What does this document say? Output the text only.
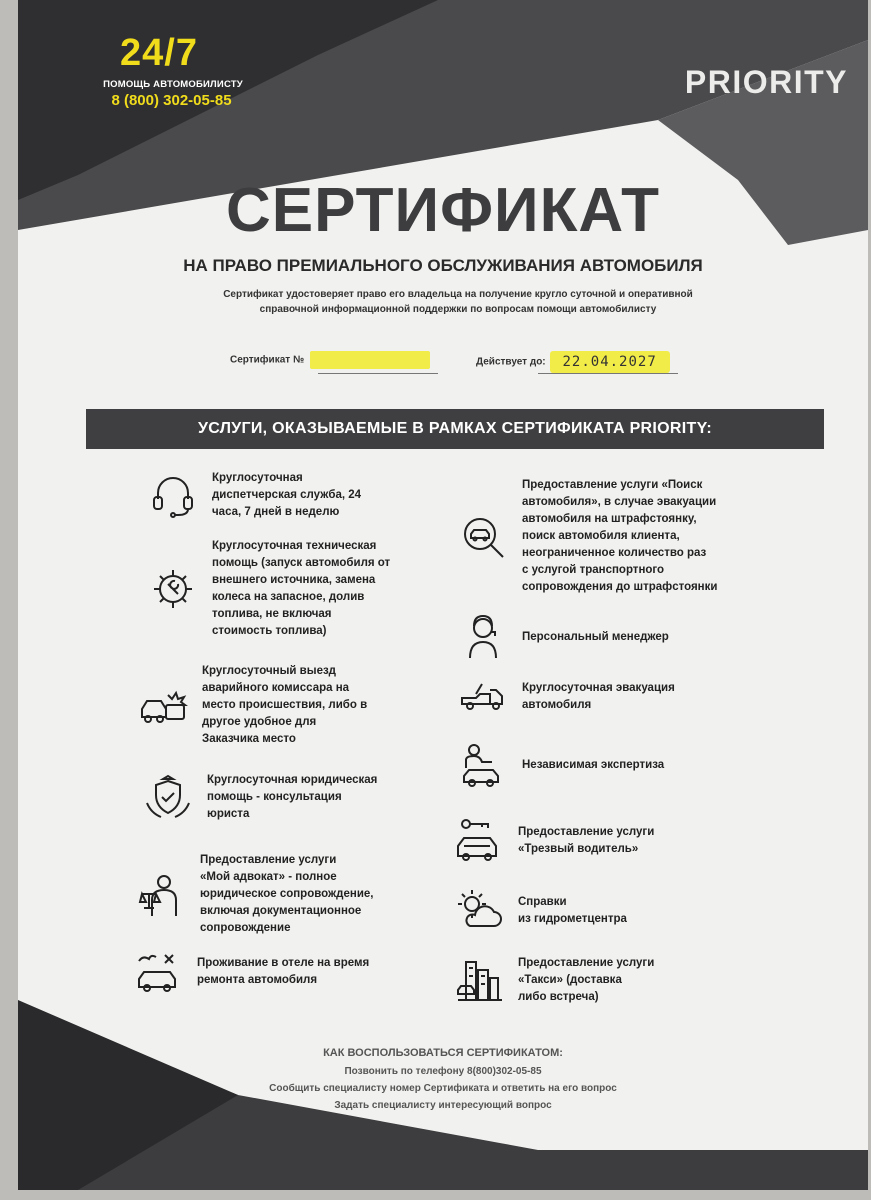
24/7
ПОМОЩЬ АВТОМОБИЛИСТУ
8 (800) 302-05-85
PRIORITY
СЕРТИФИКАТ
НА ПРАВО ПРЕМИАЛЬНОГО ОБСЛУЖИВАНИЯ АВТОМОБИЛЯ
Сертификат удостоверяет право его владельца на получение кругло суточной и оперативной
справочной информационной поддержки по вопросам помощи автомобилисту
Сертификат №	Действует до: 22.04.2027
УСЛУГИ, ОКАЗЫВАЕМЫЕ В РАМКАХ СЕРТИФИКАТА PRIORITY:
Круглосуточная
диспетчерская служба, 24
часа, 7 дней в неделю
Круглосуточная техническая
помощь (запуск автомобиля от
внешнего источника, замена
колеса на запасное, долив
топлива, не включая
стоимость топлива)
Круглосуточный выезд
аварийного комиссара на
место происшествия, либо в
другое удобное для
Заказчика место
Круглосуточная юридическая
помощь - консультация
юриста
Предоставление услуги
«Мой адвокат» - полное
юридическое сопровождение,
включая документационное
сопровождение
Проживание в отеле на время
ремонта автомобиля
Предоставление услуги «Поиск
автомобиля», в случае эвакуации
автомобиля на штрафстоянку,
поиск автомобиля клиента,
неограниченное количество раз
с услугой транспортного
сопровождения до штрафстоянки
Персональный менеджер
Круглосуточная эвакуация
автомобиля
Независимая экспертиза
Предоставление услуги
«Трезвый водитель»
Справки
из гидрометцентра
Предоставление услуги
«Такси» (доставка
либо встреча)
КАК ВОСПОЛЬЗОВАТЬСЯ СЕРТИФИКАТОМ:
Позвонить по телефону 8(800)302-05-85
Сообщить специалисту номер Сертификата и ответить на его вопрос
Задать специалисту интересующий вопрос
